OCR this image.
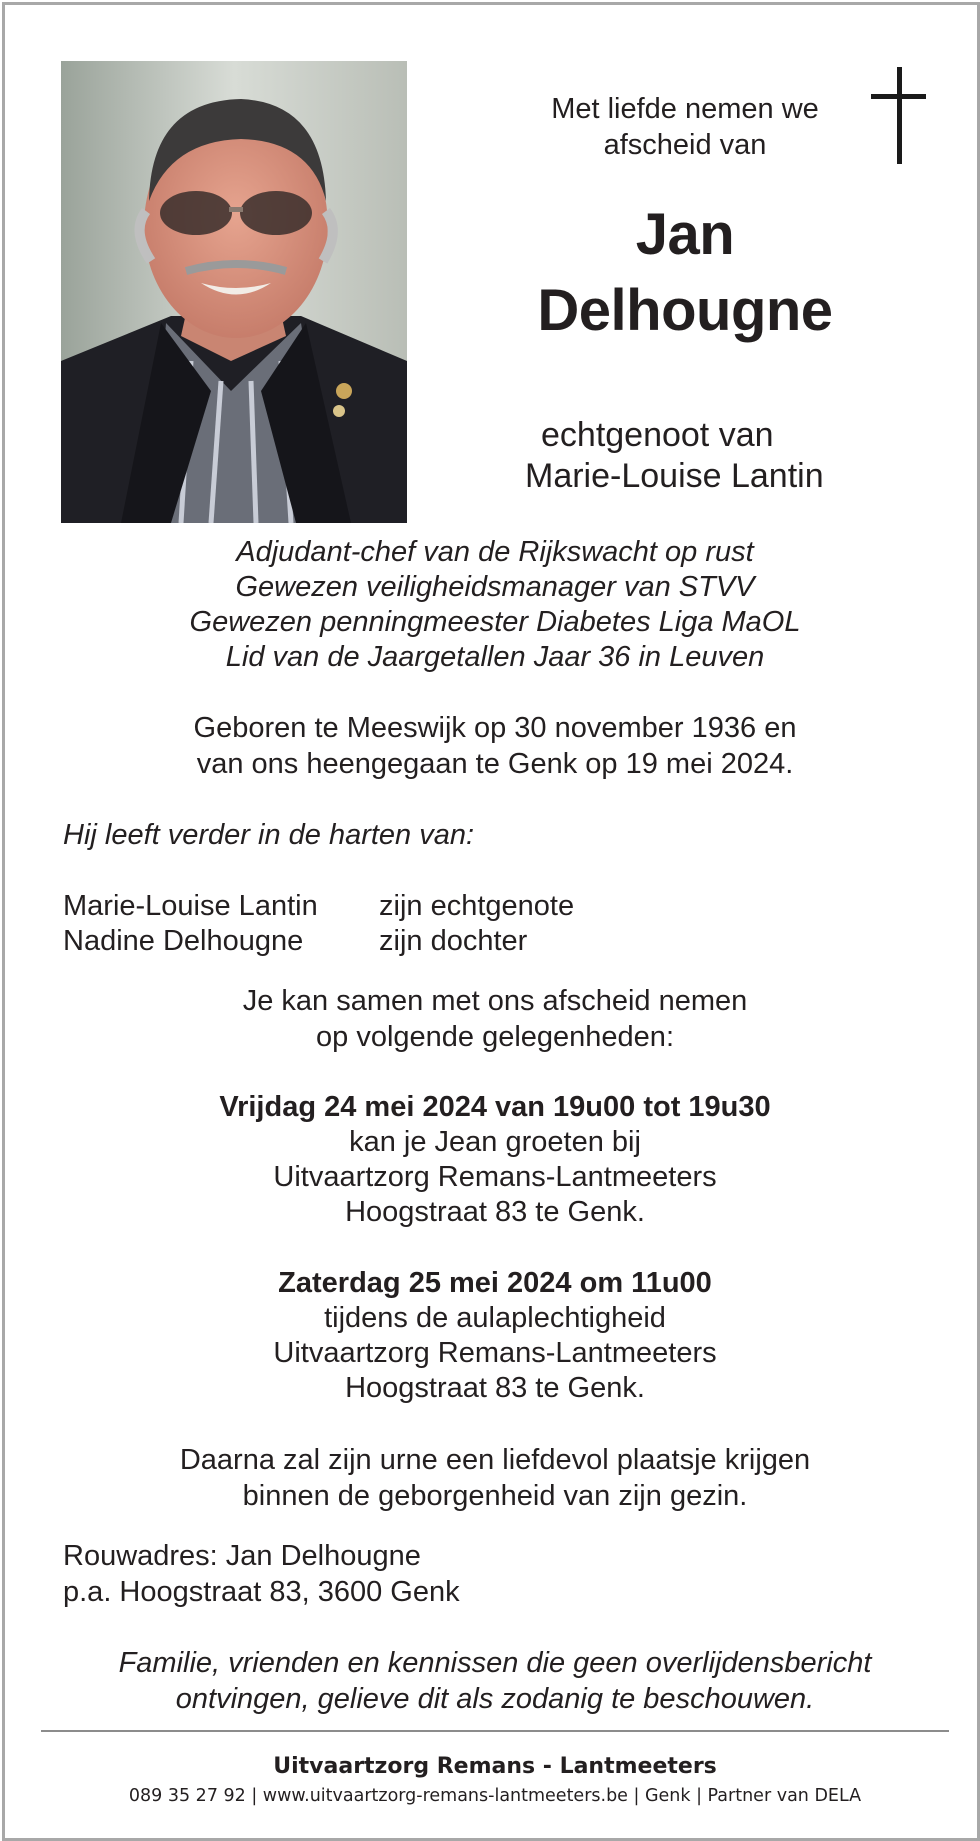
Met liefde nemen we
afscheid van
Jan
Delhougne
echtgenoot van
Marie-Louise Lantin
Adjudant-chef van de Rijkswacht op rust
Gewezen veiligheidsmanager van STVV
Gewezen penningmeester Diabetes Liga MaOL
Lid van de Jaargetallen Jaar 36 in Leuven
Geboren te Meeswijk op 30 november 1936 en
van ons heengegaan te Genk op 19 mei 2024.
Hij leeft verder in de harten van:
Marie-Louise Lantin zijn echtgenote
Nadine Delhougne	zijn dochter
Je kan samen met ons afscheid nemen
op volgende gelegenheden:
Vrijdag 24 mei 2024 van 19u00 tot 19u30
kan je Jean groeten bij
Uitvaartzorg Remans-Lantmeeters
Hoogstraat 83 te Genk.
Zaterdag 25 mei 2024 om 11u00
tijdens de aulaplechtigheid
Uitvaartzorg Remans-Lantmeeters
Hoogstraat 83 te Genk.
Daarna zal zijn urne een liefdevol plaatsje krijgen
binnen de geborgenheid van zijn gezin.
Rouwadres: Jan Delhougne
p.a. Hoogstraat 83, 3600 Genk
Familie, vrienden en kennissen die geen overlijdensbericht
ontvingen, gelieve dit als zodanig te beschouwen.
Uitvaartzorg Remans - Lantmeeters
089 35 27 92 | www.uitvaartzorg-remans-lantmeeters.be | Genk | Partner van DELA
